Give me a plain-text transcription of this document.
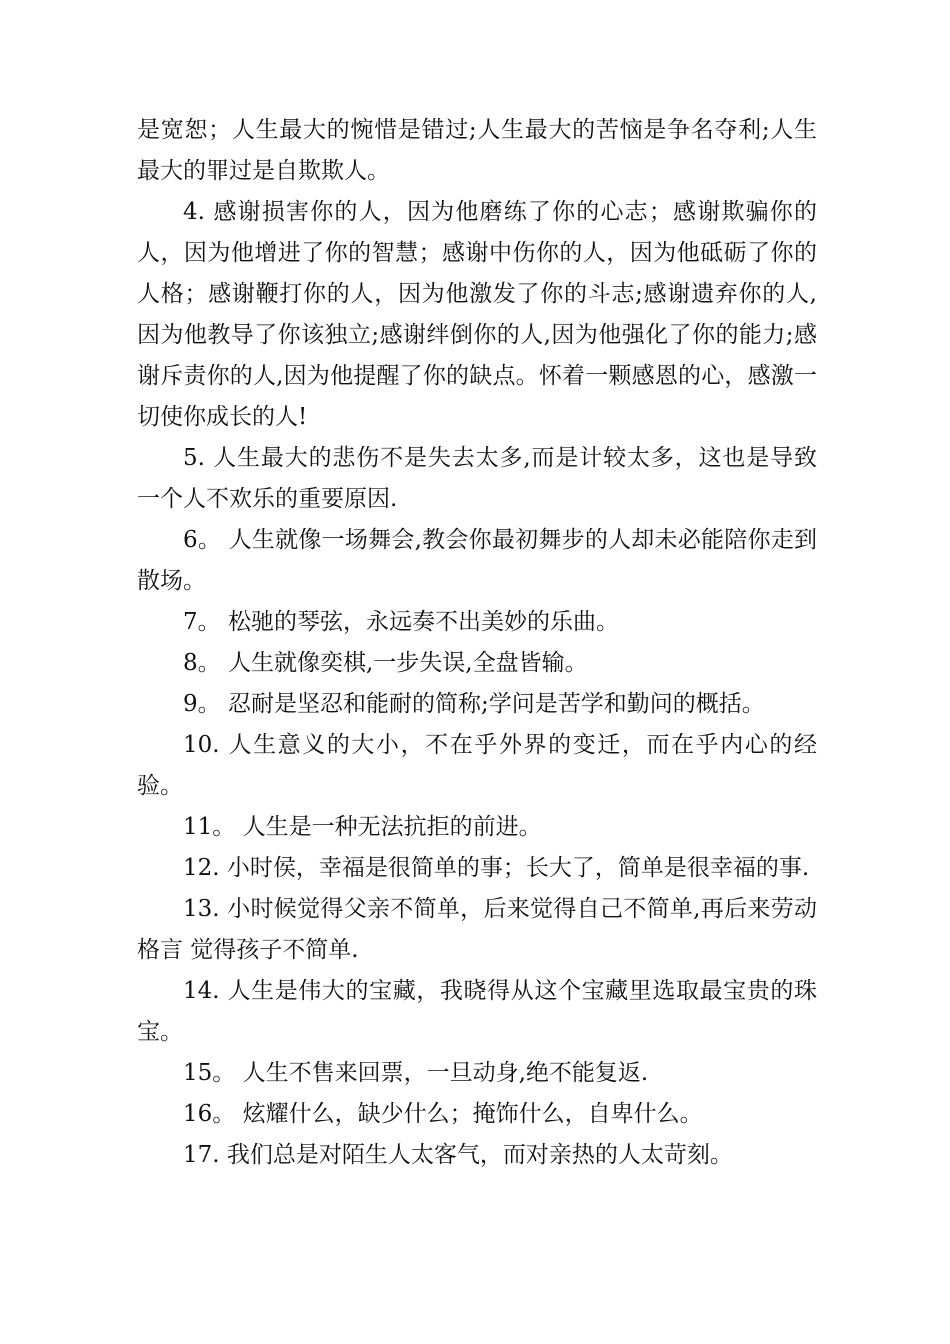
是宽恕；人生最大的惋惜是错过;人生最大的苦恼是争名夺利;人生最大的罪过是自欺欺人。

4. 感谢损害你的人，因为他磨练了你的心志；感谢欺骗你的人，因为他增进了你的智慧；感谢中伤你的人，因为他砥砺了你的人格；感谢鞭打你的人，因为他激发了你的斗志;感谢遗弃你的人,因为他教导了你该独立;感谢绊倒你的人,因为他强化了你的能力;感谢斥责你的人,因为他提醒了你的缺点。怀着一颗感恩的心，感激一切使你成长的人!

5. 人生最大的悲伤不是失去太多,而是计较太多，这也是导致一个人不欢乐的重要原因.

6。 人生就像一场舞会,教会你最初舞步的人却未必能陪你走到散场。

7。 松驰的琴弦，永远奏不出美妙的乐曲。

8。 人生就像奕棋,一步失误,全盘皆输。

9。 忍耐是坚忍和能耐的简称;学问是苦学和勤问的概括。

10. 人生意义的大小，不在乎外界的变迁，而在乎内心的经验。

11。 人生是一种无法抗拒的前进。

12. 小时侯，幸福是很简单的事；长大了，简单是很幸福的事.

13. 小时候觉得父亲不简单，后来觉得自己不简单,再后来劳动格言 觉得孩子不简单.

14. 人生是伟大的宝藏，我晓得从这个宝藏里选取最宝贵的珠宝。

15。 人生不售来回票，一旦动身,绝不能复返.

16。 炫耀什么，缺少什么；掩饰什么，自卑什么。

17. 我们总是对陌生人太客气，而对亲热的人太苛刻。
